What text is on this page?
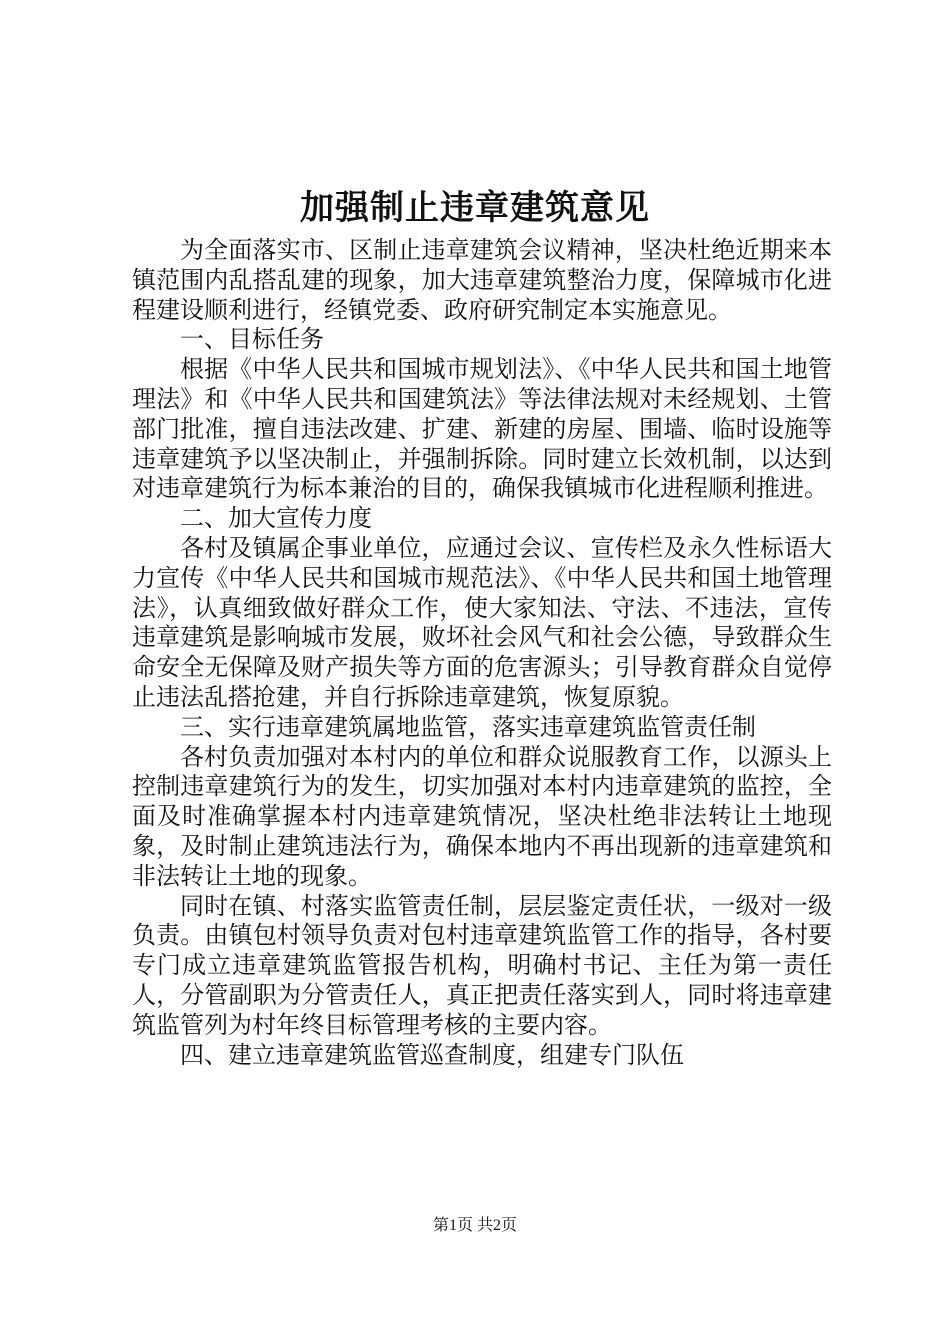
加强制止违章建筑意见

为全面落实市、区制止违章建筑会议精神，坚决杜绝近期来本镇范围内乱搭乱建的现象，加大违章建筑整治力度，保障城市化进程建设顺利进行，经镇党委、政府研究制定本实施意见。

一、目标任务

根据《中华人民共和国城市规划法》、《中华人民共和国土地管理法》和《中华人民共和国建筑法》等法律法规对未经规划、土管部门批准，擅自违法改建、扩建、新建的房屋、围墙、临时设施等违章建筑予以坚决制止，并强制拆除。同时建立长效机制，以达到对违章建筑行为标本兼治的目的，确保我镇城市化进程顺利推进。

二、加大宣传力度

各村及镇属企事业单位，应通过会议、宣传栏及永久性标语大力宣传《中华人民共和国城市规范法》、《中华人民共和国土地管理法》，认真细致做好群众工作，使大家知法、守法、不违法，宣传违章建筑是影响城市发展，败坏社会风气和社会公德，导致群众生命安全无保障及财产损失等方面的危害源头；引导教育群众自觉停止违法乱搭抢建，并自行拆除违章建筑，恢复原貌。

三、实行违章建筑属地监管，落实违章建筑监管责任制

各村负责加强对本村内的单位和群众说服教育工作，以源头上控制违章建筑行为的发生，切实加强对本村内违章建筑的监控，全面及时准确掌握本村内违章建筑情况，坚决杜绝非法转让土地现象，及时制止建筑违法行为，确保本地内不再出现新的违章建筑和非法转让土地的现象。

同时在镇、村落实监管责任制，层层鉴定责任状，一级对一级负责。由镇包村领导负责对包村违章建筑监管工作的指导，各村要专门成立违章建筑监管报告机构，明确村书记、主任为第一责任人，分管副职为分管责任人，真正把责任落实到人，同时将违章建筑监管列为村年终目标管理考核的主要内容。

四、建立违章建筑监管巡查制度，组建专门队伍

第1页 共2页
